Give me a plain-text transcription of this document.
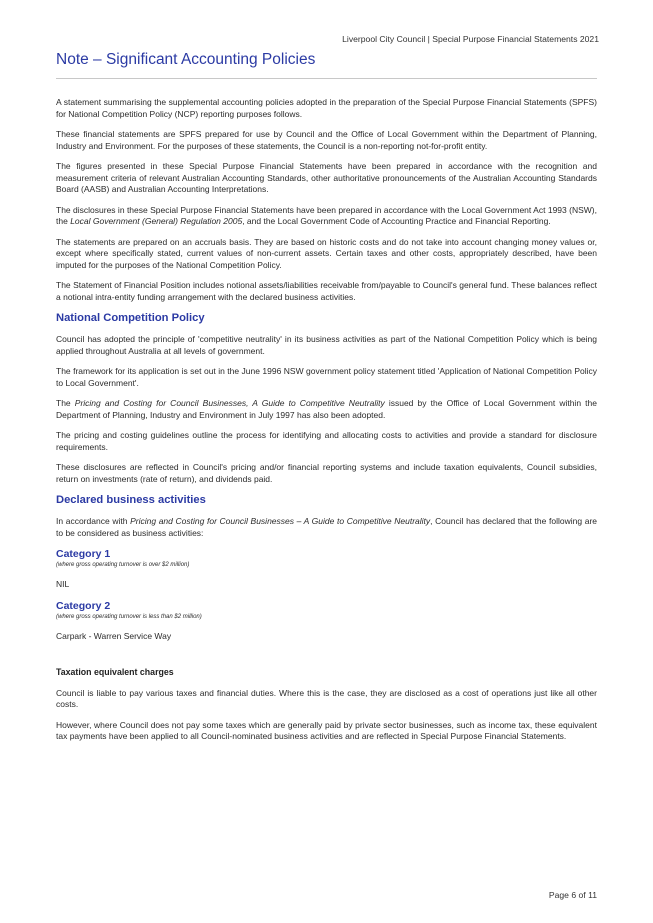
Liverpool City Council | Special Purpose Financial Statements 2021
Note – Significant Accounting Policies

A statement summarising the supplemental accounting policies adopted in the preparation of the Special Purpose Financial Statements (SPFS) for National Competition Policy (NCP) reporting purposes follows.

These financial statements are SPFS prepared for use by Council and the Office of Local Government within the Department of Planning, Industry and Environment. For the purposes of these statements, the Council is a non-reporting not-for-profit entity.

The figures presented in these Special Purpose Financial Statements have been prepared in accordance with the recognition and measurement criteria of relevant Australian Accounting Standards, other authoritative pronouncements of the Australian Accounting Standards Board (AASB) and Australian Accounting Interpretations.

The disclosures in these Special Purpose Financial Statements have been prepared in accordance with the Local Government Act 1993 (NSW), the Local Government (General) Regulation 2005, and the Local Government Code of Accounting Practice and Financial Reporting.

The statements are prepared on an accruals basis. They are based on historic costs and do not take into account changing money values or, except where specifically stated, current values of non-current assets. Certain taxes and other costs, appropriately described, have been imputed for the purposes of the National Competition Policy.

The Statement of Financial Position includes notional assets/liabilities receivable from/payable to Council's general fund. These balances reflect a notional intra-entity funding arrangement with the declared business activities.

National Competition Policy

Council has adopted the principle of 'competitive neutrality' in its business activities as part of the National Competition Policy which is being applied throughout Australia at all levels of government.

The framework for its application is set out in the June 1996 NSW government policy statement titled 'Application of National Competition Policy to Local Government'.

The Pricing and Costing for Council Businesses, A Guide to Competitive Neutrality issued by the Office of Local Government within the Department of Planning, Industry and Environment in July 1997 has also been adopted.

The pricing and costing guidelines outline the process for identifying and allocating costs to activities and provide a standard for disclosure requirements.

These disclosures are reflected in Council's pricing and/or financial reporting systems and include taxation equivalents, Council subsidies, return on investments (rate of return), and dividends paid.

Declared business activities

In accordance with Pricing and Costing for Council Businesses – A Guide to Competitive Neutrality, Council has declared that the following are to be considered as business activities:

Category 1
(where gross operating turnover is over $2 million)

NIL

Category 2
(where gross operating turnover is less than $2 million)

Carpark - Warren Service Way

Taxation equivalent charges

Council is liable to pay various taxes and financial duties. Where this is the case, they are disclosed as a cost of operations just like all other costs.

However, where Council does not pay some taxes which are generally paid by private sector businesses, such as income tax, these equivalent tax payments have been applied to all Council-nominated business activities and are reflected in Special Purpose Financial Statements.

Page 6 of 11
